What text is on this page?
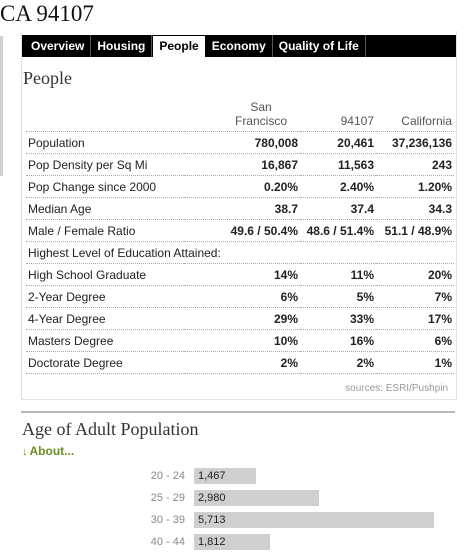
CA 94107
Overview	Housing	People	Economy	Quality of Life
People
	San Francisco	94107	California
Population	780,008	20,461	37,236,136
Pop Density per Sq Mi	16,867	11,563	243
Pop Change since 2000	0.20%	2.40%	1.20%
Median Age	38.7	37.4	34.3
Male / Female Ratio	49.6 / 50.4%	48.6 / 51.4%	51.1 / 48.9%
Highest Level of Education Attained:			
High School Graduate	14%	11%	20%
2-Year Degree	6%	5%	7%
4-Year Degree	29%	33%	17%
Masters Degree	10%	16%	6%
Doctorate Degree	2%	2%	1%
sources: ESRI/Pushpin
Age of Adult Population
↓ About...
20 - 24 1,467
25 - 29 2,980
30 - 39 5,713
40 - 44 1,812
